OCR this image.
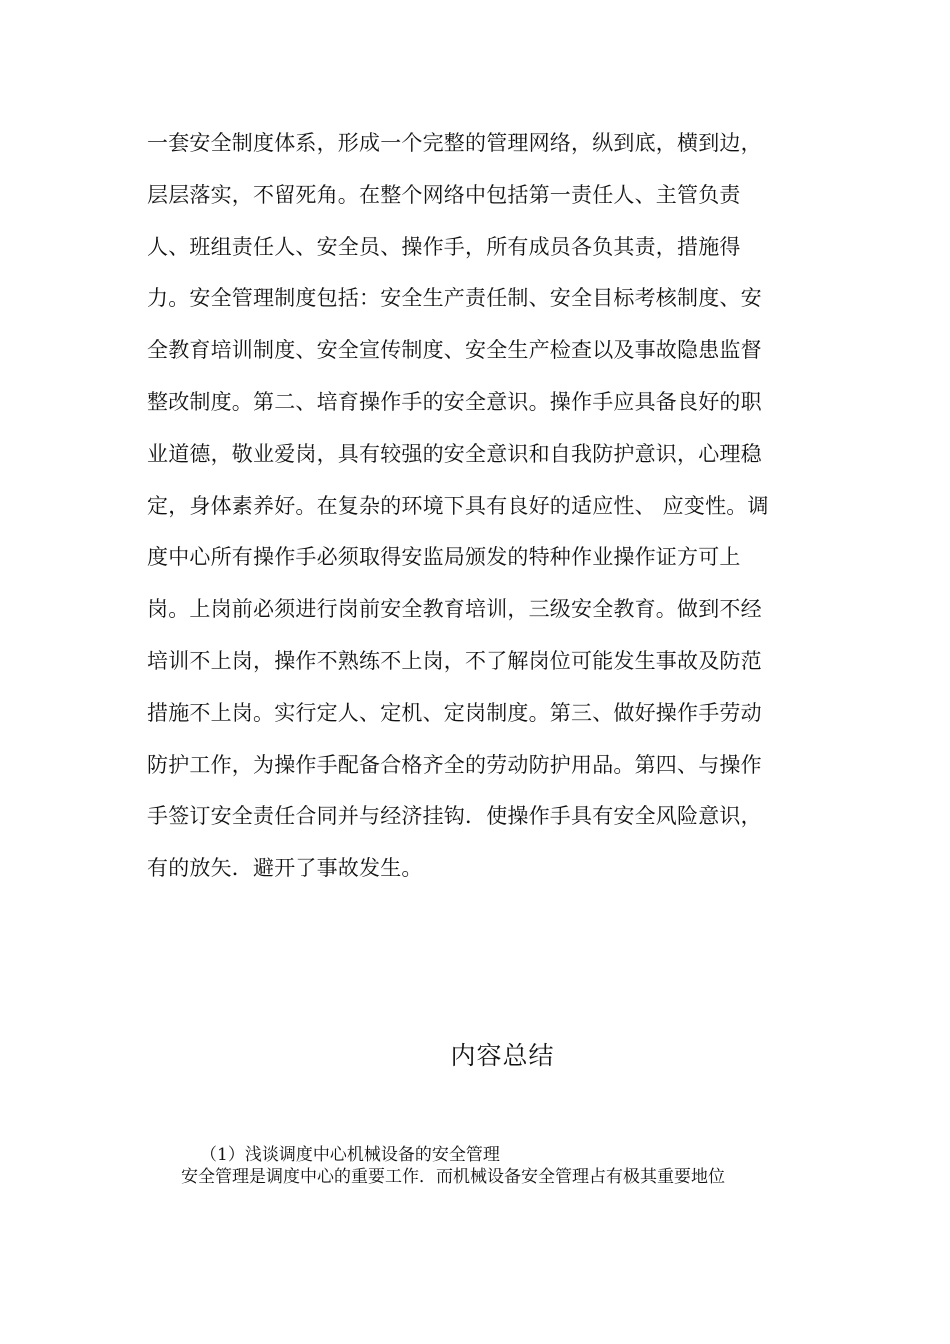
一套安全制度体系，形成一个完整的管理网络，纵到底，横到边，
层层落实，不留死角。在整个网络中包括第一责任人、主管负责
人、班组责任人、安全员、操作手，所有成员各负其责，措施得
力。安全管理制度包括：安全生产责任制、安全目标考核制度、安
全教育培训制度、安全宣传制度、安全生产检查以及事故隐患监督
整改制度。第二、培育操作手的安全意识。操作手应具备良好的职
业道德，敬业爱岗，具有较强的安全意识和自我防护意识，心理稳
定，身体素养好。在复杂的环境下具有良好的适应性、 应变性。调
度中心所有操作手必须取得安监局颁发的特种作业操作证方可上
岗。上岗前必须进行岗前安全教育培训，三级安全教育。做到不经
培训不上岗，操作不熟练不上岗，不了解岗位可能发生事故及防范
措施不上岗。实行定人、定机、定岗制度。第三、做好操作手劳动
防护工作，为操作手配备合格齐全的劳动防护用品。第四、与操作
手签订安全责任合同并与经济挂钩．使操作手具有安全风险意识，
有的放矢．避开了事故发生。
内容总结
（1）浅谈调度中心机械设备的安全管理
安全管理是调度中心的重要工作．而机械设备安全管理占有极其重要地位
